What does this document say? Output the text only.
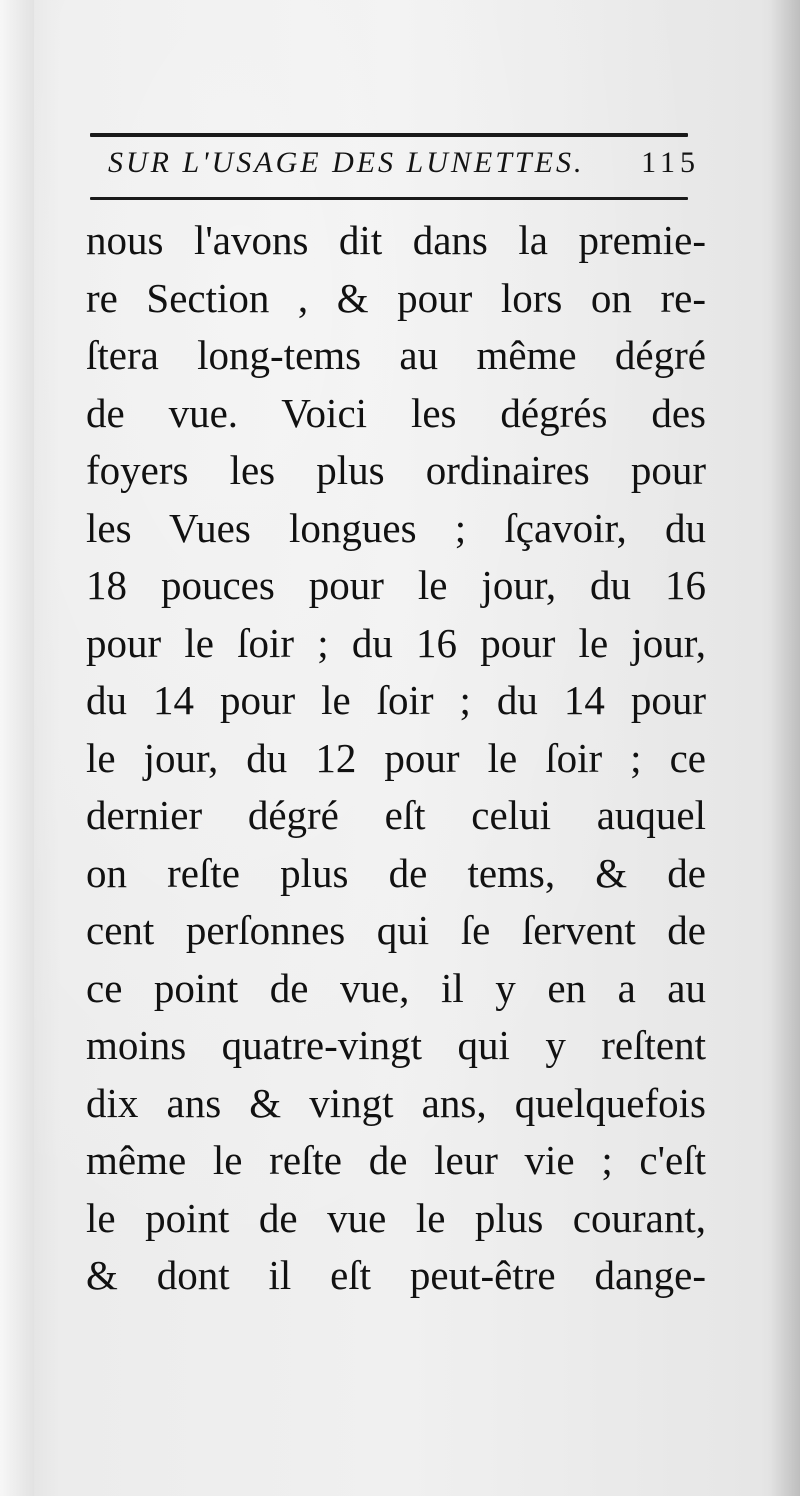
SUR L'USAGE DES LUNETTES. 115
nous l'avons dit dans la premie-
re Section , & pour lors on re-
ſtera long-tems au même dégré
de vue. Voici les dégrés des
foyers les plus ordinaires pour
les Vues longues ; ſçavoir, du
18 pouces pour le jour, du 16
pour le ſoir ; du 16 pour le jour,
du 14 pour le ſoir ; du 14 pour
le jour, du 12 pour le ſoir ; ce
dernier dégré eſt celui auquel
on reſte plus de tems, & de
cent perſonnes qui ſe ſervent de
ce point de vue, il y en a au
moins quatre-vingt qui y reſtent
dix ans & vingt ans, quelquefois
même le reſte de leur vie ; c'eſt
le point de vue le plus courant,
& dont il eſt peut-être dange-
